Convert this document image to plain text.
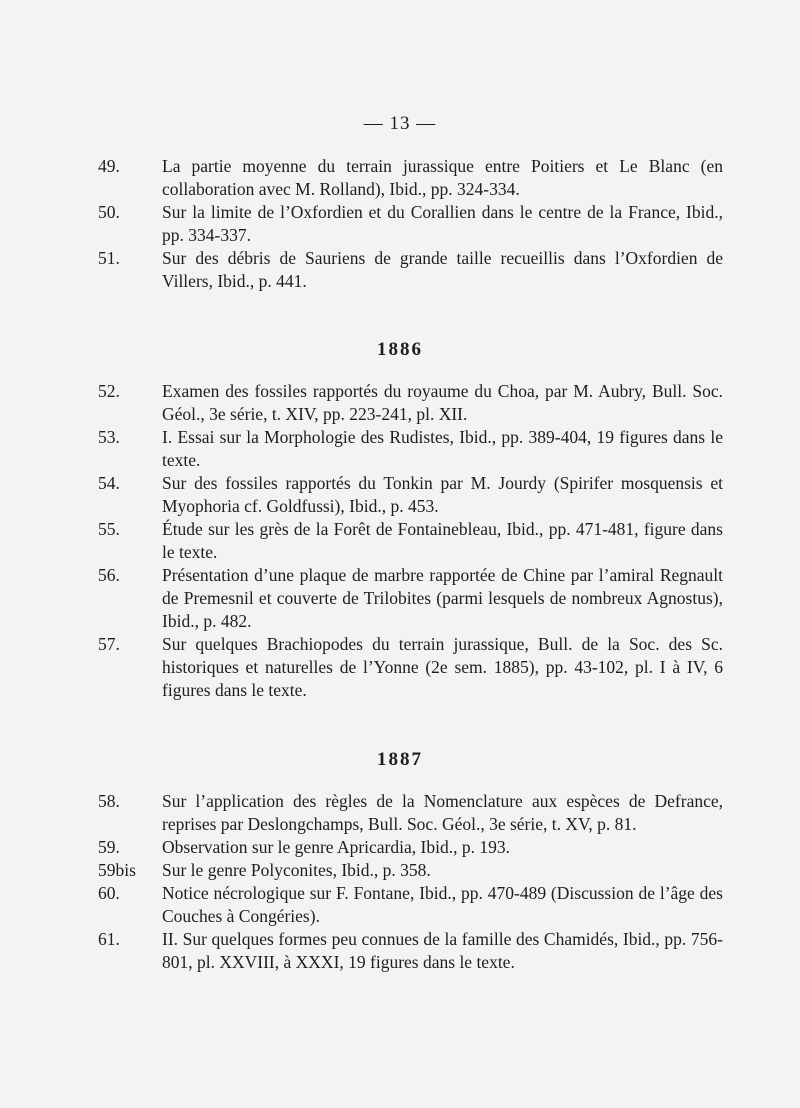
— 13 —
49.	La partie moyenne du terrain jurassique entre Poitiers et Le Blanc (en collaboration avec M. Rolland), Ibid., pp. 324-334.
50.	Sur la limite de l’Oxfordien et du Corallien dans le centre de la France, Ibid., pp. 334-337.
51.	Sur des débris de Sauriens de grande taille recueillis dans l’Oxfordien de Villers, Ibid., p. 441.
1886
52.	Examen des fossiles rapportés du royaume du Choa, par M. Aubry, Bull. Soc. Géol., 3e série, t. XIV, pp. 223-241, pl. XII.
53.	I. Essai sur la Morphologie des Rudistes, Ibid., pp. 389-404, 19 figures dans le texte.
54.	Sur des fossiles rapportés du Tonkin par M. Jourdy (Spirifer mosquensis et Myophoria cf. Goldfussi), Ibid., p. 453.
55.	Étude sur les grès de la Forêt de Fontainebleau, Ibid., pp. 471-481, figure dans le texte.
56.	Présentation d’une plaque de marbre rapportée de Chine par l’amiral Regnault de Premesnil et couverte de Trilobites (parmi lesquels de nombreux Agnostus), Ibid., p. 482.
57.	Sur quelques Brachiopodes du terrain jurassique, Bull. de la Soc. des Sc. historiques et naturelles de l’Yonne (2e sem. 1885), pp. 43-102, pl. I à IV, 6 figures dans le texte.
1887
58.	Sur l’application des règles de la Nomenclature aux espèces de Defrance, reprises par Deslongchamps, Bull. Soc. Géol., 3e série, t. XV, p. 81.
59.	Observation sur le genre Apricardia, Ibid., p. 193.
59bis	Sur le genre Polyconites, Ibid., p. 358.
60.	Notice nécrologique sur F. Fontane, Ibid., pp. 470-489 (Discussion de l’âge des Couches à Congéries).
61.	II. Sur quelques formes peu connues de la famille des Chamidés, Ibid., pp. 756-801, pl. XXVIII, à XXXI, 19 figures dans le texte.
